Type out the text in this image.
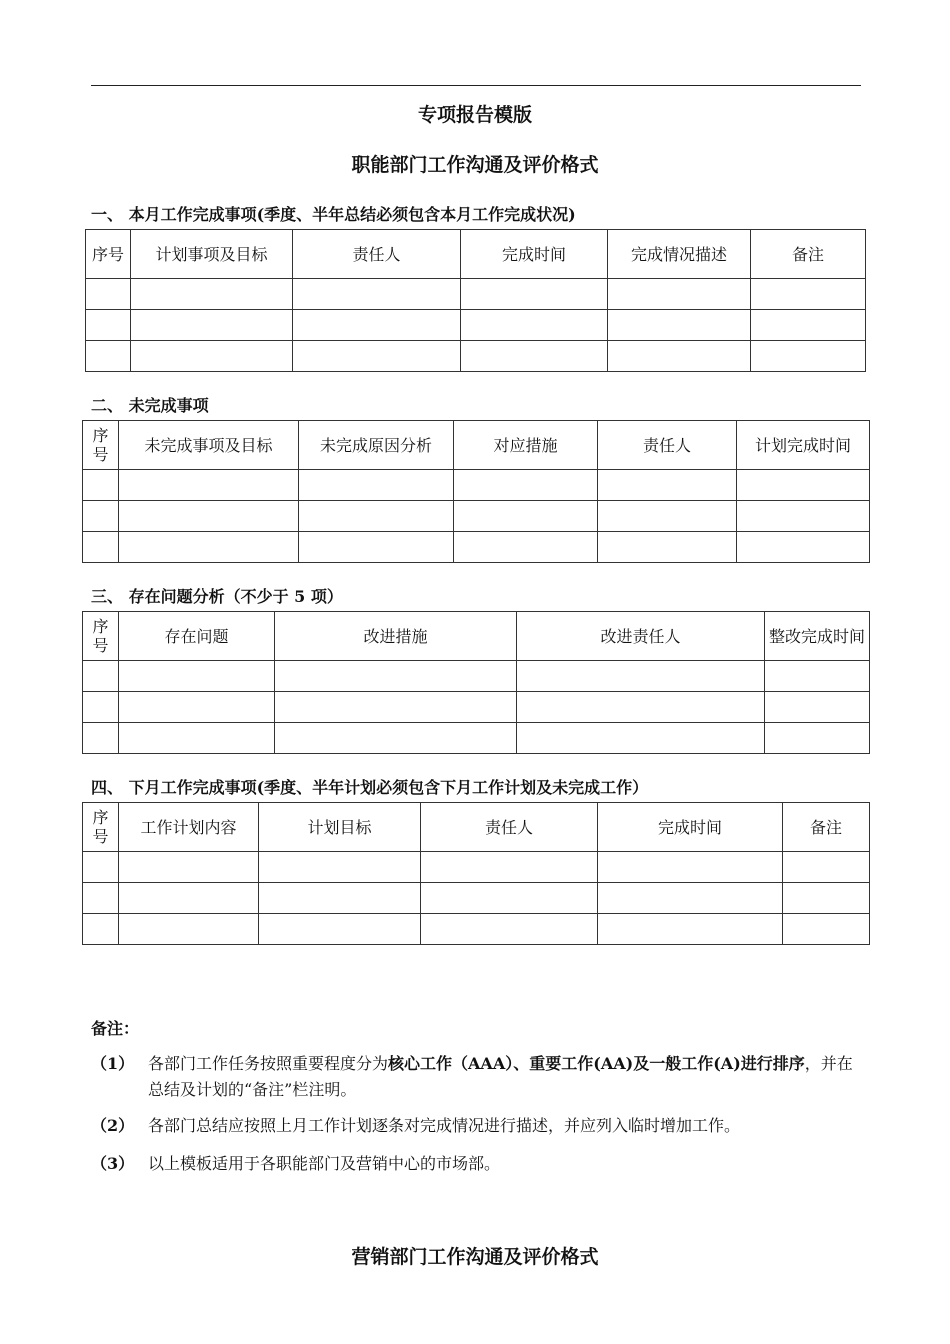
专项报告模版
职能部门工作沟通及评价格式
一、 本月工作完成事项(季度、半年总结必须包含本月工作完成状况)
序号	计划事项及目标	责任人	完成时间	完成情况描述	备注

二、 未完成事项
序号	未完成事项及目标	未完成原因分析	对应措施	责任人	计划完成时间

三、 存在问题分析（不少于 5 项）
序号	存在问题	改进措施	改进责任人	整改完成时间

四、 下月工作完成事项(季度、半年计划必须包含下月工作计划及未完成工作）
序号	工作计划内容	计划目标	责任人	完成时间	备注

备注：
（1） 各部门工作任务按照重要程度分为核心工作（AAA）、重要工作(AA)及一般工作(A)进行排序，并在总结及计划的“备注”栏注明。
（2） 各部门总结应按照上月工作计划逐条对完成情况进行描述，并应列入临时增加工作。
（3） 以上模板适用于各职能部门及营销中心的市场部。
营销部门工作沟通及评价格式
